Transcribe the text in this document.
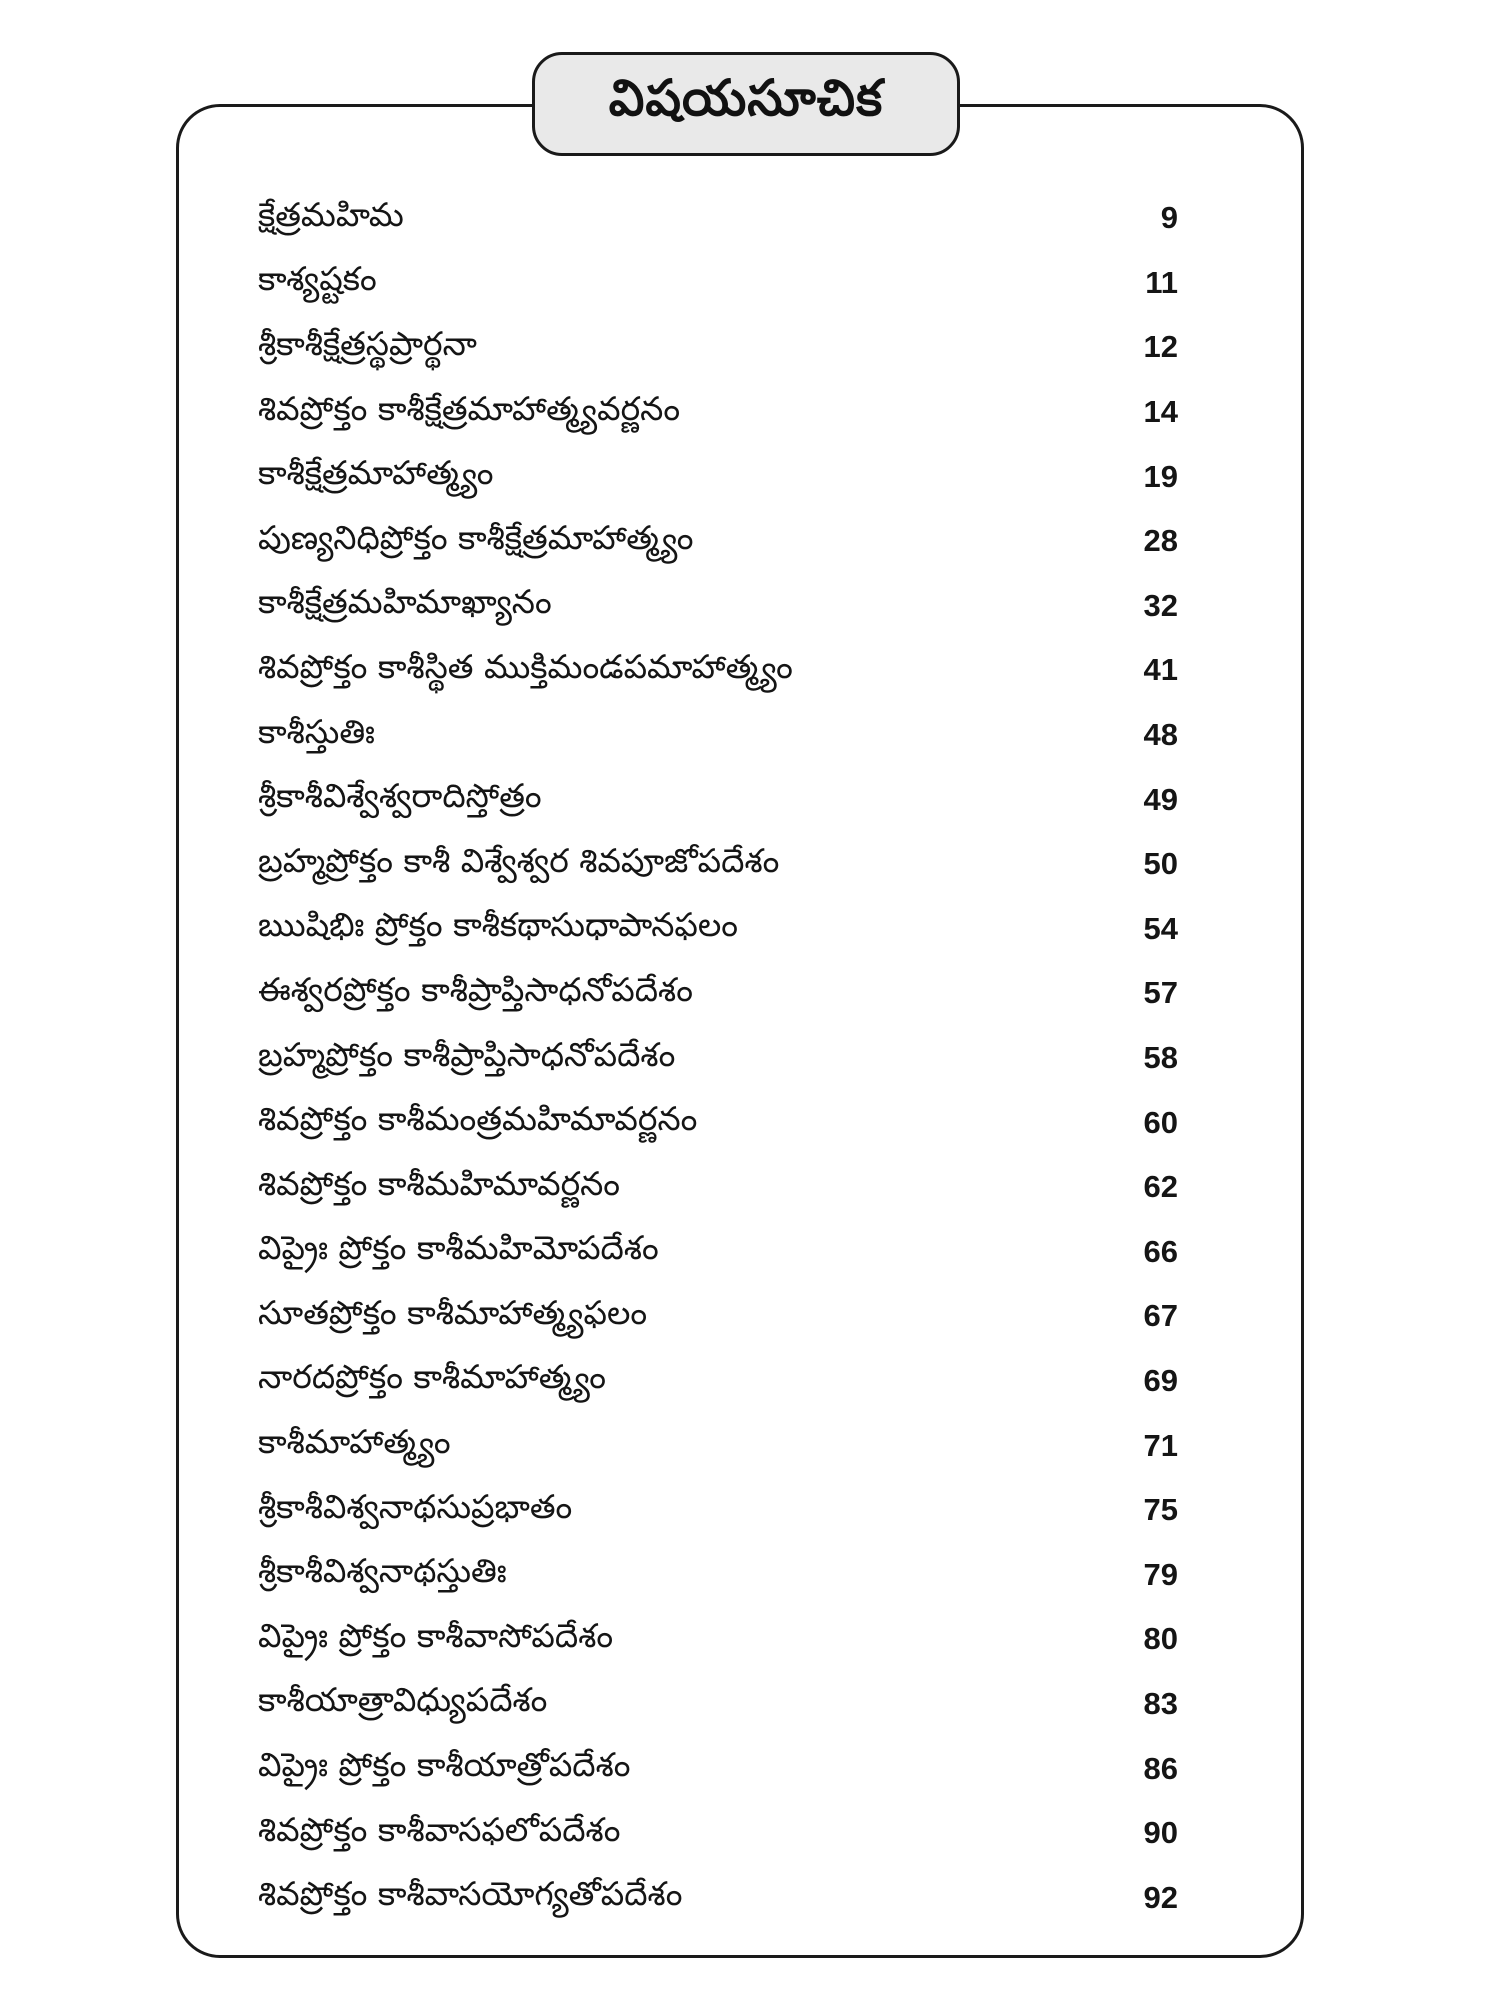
విషయసూచిక
క్షేత్రమహిమ	9
కాశ్యష్టకం	11
శ్రీకాశీక్షేత్రస్థప్రార్థనా	12
శివప్రోక్తం కాశీక్షేత్రమాహాత్మ్యవర్ణనం	14
కాశీక్షేత్రమాహాత్మ్యం	19
పుణ్యనిధిప్రోక్తం కాశీక్షేత్రమాహాత్మ్యం	28
కాశీక్షేత్రమహిమాఖ్యానం	32
శివప్రోక్తం కాశీస్థిత ముక్తిమండపమాహాత్మ్యం	41
కాశీస్తుతిః	48
శ్రీకాశీవిశ్వేశ్వరాదిస్తోత్రం	49
బ్రహ్మప్రోక్తం కాశీ విశ్వేశ్వర శివపూజోపదేశం	50
ఋషిభిః ప్రోక్తం కాశీకథాసుధాపానఫలం	54
ఈశ్వరప్రోక్తం కాశీప్రాప్తిసాధనోపదేశం	57
బ్రహ్మప్రోక్తం కాశీప్రాప్తిసాధనోపదేశం	58
శివప్రోక్తం కాశీమంత్రమహిమావర్ణనం	60
శివప్రోక్తం కాశీమహిమావర్ణనం	62
విప్రైః ప్రోక్తం కాశీమహిమోపదేశం	66
సూతప్రోక్తం కాశీమాహాత్మ్యఫలం	67
నారదప్రోక్తం కాశీమాహాత్మ్యం	69
కాశీమాహాత్మ్యం	71
శ్రీకాశీవిశ్వనాథసుప్రభాతం	75
శ్రీకాశీవిశ్వనాథస్తుతిః	79
విప్రైః ప్రోక్తం కాశీవాసోపదేశం	80
కాశీయాత్రావిధ్యుపదేశం	83
విప్రైః ప్రోక్తం కాశీయాత్రోపదేశం	86
శివప్రోక్తం కాశీవాసఫలోపదేశం	90
శివప్రోక్తం కాశీవాసయోగ్యతోపదేశం	92
